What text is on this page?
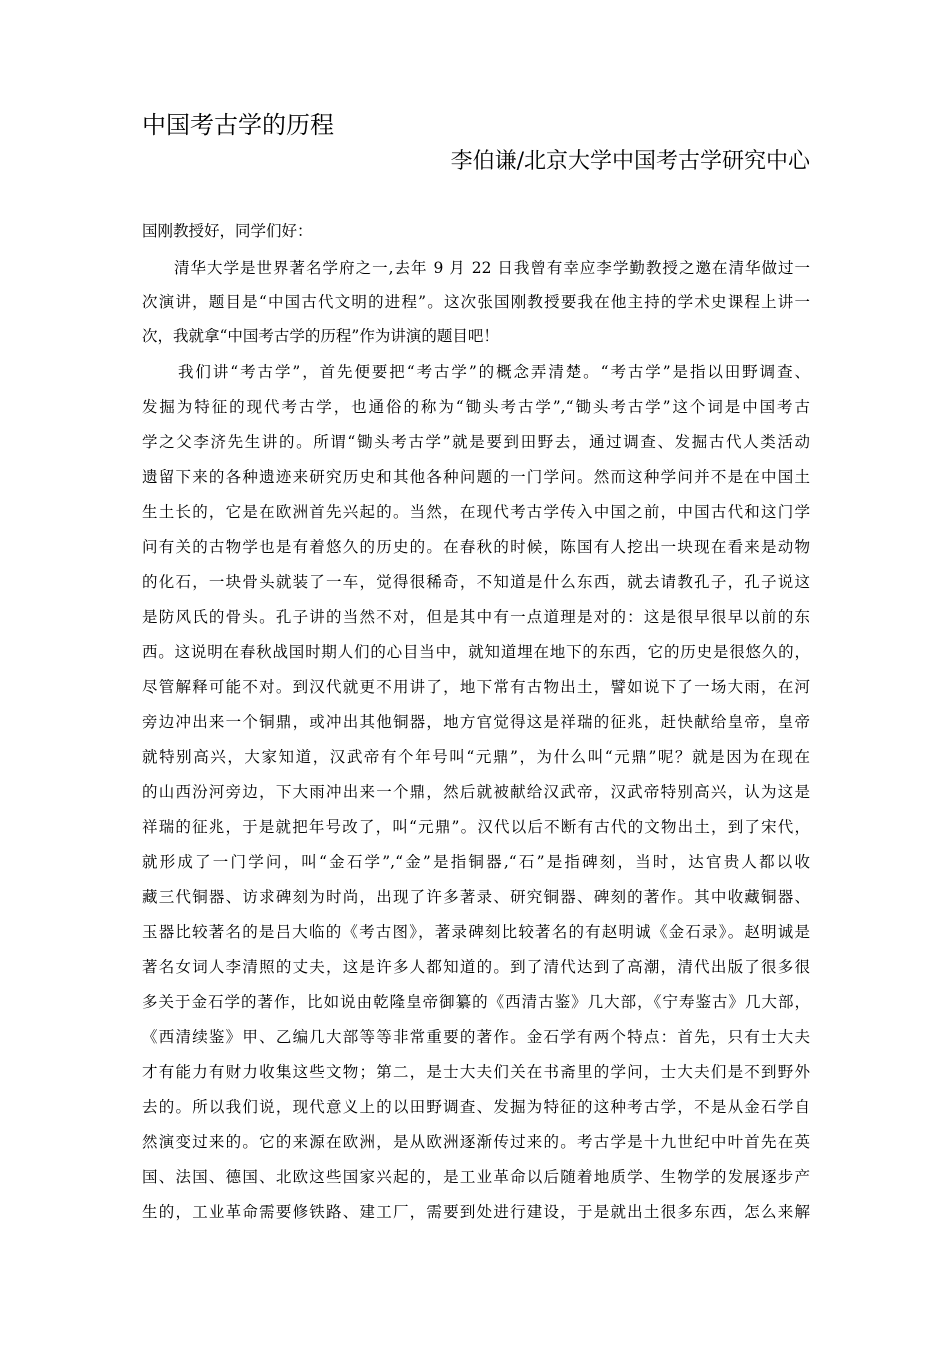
中国考古学的历程
李伯谦/北京大学中国考古学研究中心
国刚教授好，同学们好：
清华大学是世界著名学府之一,去年 9 月 22 日我曾有幸应李学勤教授之邀在清华做过一
次演讲，题目是“中国古代文明的进程”。这次张国刚教授要我在他主持的学术史课程上讲一
次，我就拿“中国考古学的历程”作为讲演的题目吧！
我们讲“考古学”，首先便要把“考古学”的概念弄清楚。“考古学”是指以田野调查、
发掘为特征的现代考古学，也通俗的称为“锄头考古学”,“锄头考古学”这个词是中国考古
学之父李济先生讲的。所谓“锄头考古学”就是要到田野去，通过调查、发掘古代人类活动
遗留下来的各种遗迹来研究历史和其他各种问题的一门学问。然而这种学问并不是在中国土
生土长的，它是在欧洲首先兴起的。当然，在现代考古学传入中国之前，中国古代和这门学
问有关的古物学也是有着悠久的历史的。在春秋的时候，陈国有人挖出一块现在看来是动物
的化石，一块骨头就装了一车，觉得很稀奇，不知道是什么东西，就去请教孔子，孔子说这
是防风氏的骨头。孔子讲的当然不对，但是其中有一点道理是对的：这是很早很早以前的东
西。这说明在春秋战国时期人们的心目当中，就知道埋在地下的东西，它的历史是很悠久的，
尽管解释可能不对。到汉代就更不用讲了，地下常有古物出土，譬如说下了一场大雨，在河
旁边冲出来一个铜鼎，或冲出其他铜器，地方官觉得这是祥瑞的征兆，赶快献给皇帝，皇帝
就特别高兴，大家知道，汉武帝有个年号叫“元鼎”，为什么叫“元鼎”呢？就是因为在现在
的山西汾河旁边，下大雨冲出来一个鼎，然后就被献给汉武帝，汉武帝特别高兴，认为这是
祥瑞的征兆，于是就把年号改了，叫“元鼎”。汉代以后不断有古代的文物出土，到了宋代，
就形成了一门学问，叫“金石学”,“金”是指铜器,“石”是指碑刻，当时，达官贵人都以收
藏三代铜器、访求碑刻为时尚，出现了许多著录、研究铜器、碑刻的著作。其中收藏铜器、
玉器比较著名的是吕大临的《考古图》，著录碑刻比较著名的有赵明诚《金石录》。赵明诚是
著名女词人李清照的丈夫，这是许多人都知道的。到了清代达到了高潮，清代出版了很多很
多关于金石学的著作，比如说由乾隆皇帝御纂的《西清古鉴》几大部，《宁寿鉴古》几大部，
《西清续鉴》甲、乙编几大部等等非常重要的著作。金石学有两个特点：首先，只有士大夫
才有能力有财力收集这些文物；第二，是士大夫们关在书斋里的学问，士大夫们是不到野外
去的。所以我们说，现代意义上的以田野调查、发掘为特征的这种考古学，不是从金石学自
然演变过来的。它的来源在欧洲，是从欧洲逐渐传过来的。考古学是十九世纪中叶首先在英
国、法国、德国、北欧这些国家兴起的，是工业革命以后随着地质学、生物学的发展逐步产
生的，工业革命需要修铁路、建工厂，需要到处进行建设，于是就出土很多东西，怎么来解
